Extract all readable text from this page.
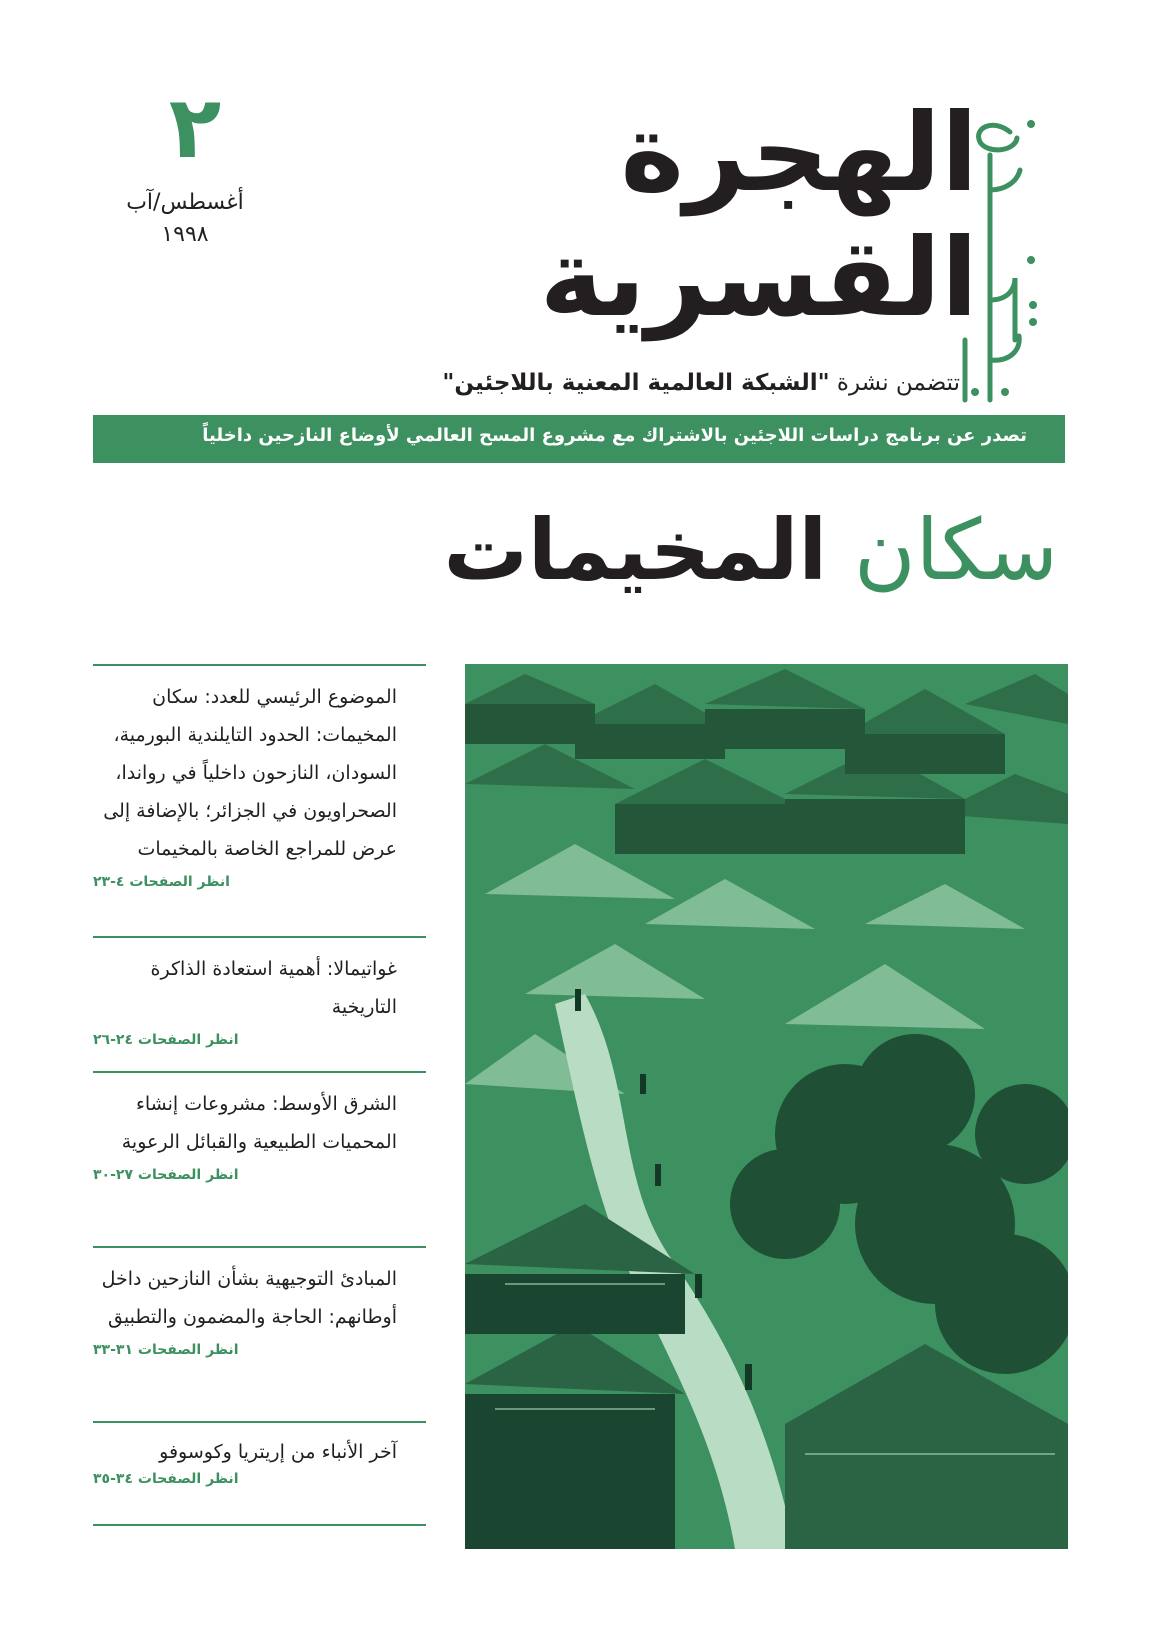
الهجرة
القسرية
٢
أغسطس/آب
١٩٩٨
تتضمن نشرة "الشبكة العالمية المعنية باللاجئين"
تصدر عن برنامج دراسات اللاجئين بالاشتراك مع مشروع المسح العالمي لأوضاع النازحين داخلياً
سكان المخيمات
الموضوع الرئيسي للعدد: سكان المخيمات: الحدود التايلندية البورمية، السودان، النازحون داخلياً في رواندا، الصحراويون في الجزائر؛ بالإضافة إلى عرض للمراجع الخاصة بالمخيمات
انظر الصفحات ٤-٢٣
غواتيمالا: أهمية استعادة الذاكرة التاريخية
انظر الصفحات ٢٤-٢٦
الشرق الأوسط: مشروعات إنشاء المحميات الطبيعية والقبائل الرعوية
انظر الصفحات ٢٧-٣٠
المبادئ التوجيهية بشأن النازحين داخل أوطانهم: الحاجة والمضمون والتطبيق
انظر الصفحات ٣١-٣٣
آخر الأنباء من إريتريا وكوسوفو
انظر الصفحات ٣٤-٣٥
